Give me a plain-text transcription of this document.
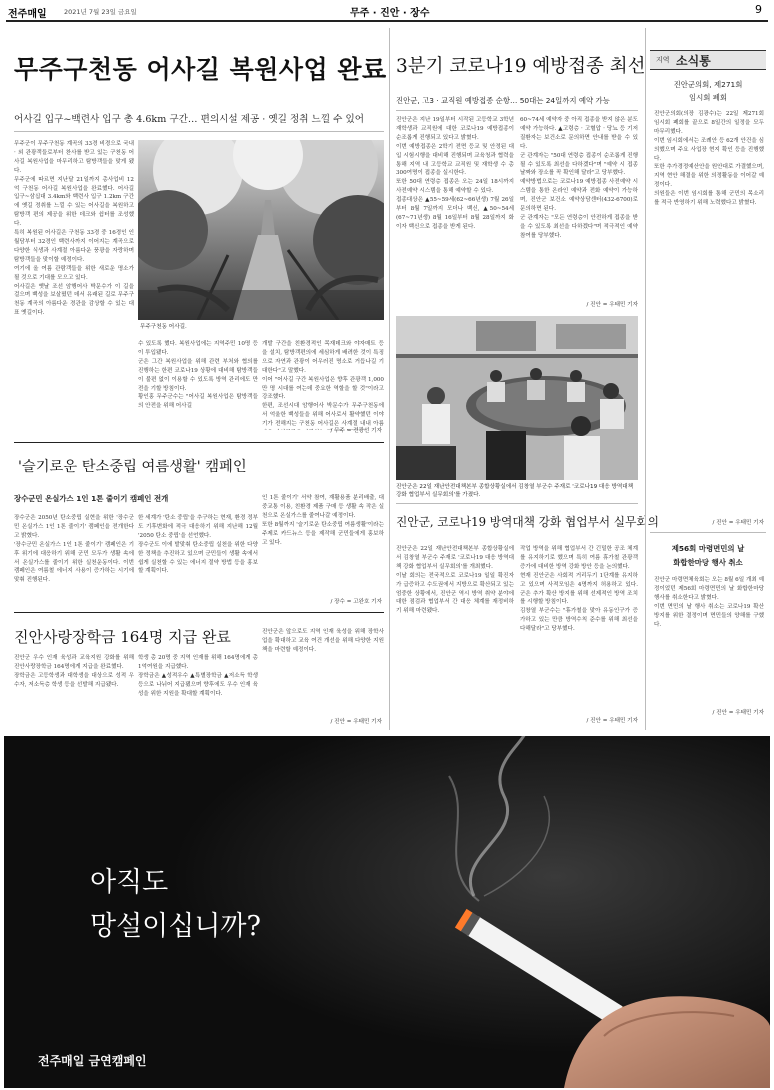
전주매일	2021년 7월 23일 금요일	무주 · 진안 · 장수	9
무주구천동 어사길 복원사업 완료
어사길 입구~백련사 입구 총 4.6km 구간… 편의시설 제공 · 옛길 정취 느낄 수 있어
무주군이 무주구천동 계곡의 33경 비경으로 국내 · 외 관광객들로부터 찬사를 받고 있는 구천동 어사길 복원사업을 마무리하고 탐방객들을 맞게 됐다.
무주군에 따르면 지난달 21일까지 총사업비 12억 구천동 어사길 복원사업을 완료했다. 어사길 입구~삼십대 3.4km와 백련사 입구 1.2km 구간에 옛길 정취를 느낄 수 있는 어사길을 복원하고 탐방객 편의 제공을 위한 데크와 쉼터를 조성했다.
특히 복원된 어사길은 구천동 33경 중 16경인 인월담부터 32경인 백련사까지 이어지는 계곡으로 다양한 식생과 사계절 아름다운 풍광을 자랑하며 탐방객들을 맞이할 예정이다.
여기에 올 여름 관람객들을 위한 새로운 명소가 될 것으로 기대를 모으고 있다.
어사길은 옛날 조선 암행어사 박문수가 이 길을 걸으며 백성을 보살폈던 데서 유래된 길로 무주구천동 계곡의 아름다운 경관을 감상할 수 있는 대표 옛길이다.
무주구천동 어사길.
수 있도록 했다. 복원사업에는 지역주민 10명 등이 투입됐다.
군은 그간 복원사업을 위해 관련 부처와 협의를 진행하는 한편 코로나19 상황에 대비해 탐방객들이 불편 없이 이용할 수 있도록 방역 관리에도 만전을 기할 방침이다.
황인홍 무주군수는 "어사길 복원사업은 탐방객들의 안전을 위해 어사길
개발 구간을 친환경적인 목재데크와 야자매트 등을 설치, 탐방객편의에 세심하게 배려한 것이 특징으로 자연과 관광이 어우러진 명소로 거듭나길 기대한다"고 말했다.
이어 "어사길 구간 복원사업은 향후 관광객 1,000만 명 시대를 여는데 중요한 역할을 할 것"이라고 강조했다.
한편, 조선시대 암행어사 박문수가 무주구천동에서 억울한 백성들을 위해 어사로서 활약했던 이야기가 전해지는 구천동 어사길은 사계절 내내 아름
/ 무주 = 전광선 기자
3분기 코로나19 예방접종 최선
진안군, 고3 · 교직원 예방접종 순항… 50대는 24일까지 예약 가능
진안군은 지난 19일부터 시작된 고등학교 3학년 재학생과 교직원에 대한 코로나19 예방접종이 순조롭게 진행되고 있다고 밝혔다.
이번 예방접종은 2학기 전면 등교 및 안정된 대입 시험시행을 대비해 진행되며 교육청과 협력을 통해 지역 내 고등학교 교직원 및 재학생 수 총 300여명이 접종을 실시한다.
또한 50대 연령층 접종은 오는 24일 18시까지 사전예약 시스템을 통해 예약할 수 있다.
접종대상은 ▲55~59세(62~66년생) 7월 26일부터 8월 7일까지 모더나 백신, ▲50~54세(67~71년생) 8월 16일부터 8월 28일까지 화이자 백신으로 접종을 받게 된다.
60~74세 예약자 중 아직 접종을 받지 않은 분도 예약 가능하다. ▲고령층 · 고혈압 · 당뇨 등 기저질환자는 보건소로 문의하면 안내를 받을 수 있다.
군 관계자는 "50대 연령층 접종이 순조롭게 진행될 수 있도록 최선을 다하겠다"며 "예약 시 접종 날짜와 장소를 꼭 확인해 달라"고 당부했다.
예약방법으로는 코로나19 예방접종 사전예약 시스템을 통한 온라인 예약과 전화 예약이 가능하며, 진안군 보건소 예약상담센터(432-6700)로 문의하면 된다.
군 관계자는 "모든 연령층이 안전하게 접종을 받을 수 있도록 최선을 다하겠다"며 적극적인 예약 참여를 당부했다.
/ 진안 = 우태민 기자
진안군은 22일 재난안전대책본부 종합상황실에서 김창열 부군수 주재로 '코로나19 대응 방역대책 강화 협업부서 실무회의'를 가졌다.
진안군, 코로나19 방역대책 강화 협업부서 실무회의
진안군은 22일 재난안전대책본부 종합상황실에서 김창열 부군수 주재로 '코로나19 대응 방역대책 강화 협업부서 실무회의'를 개최했다.
이날 회의는 전국적으로 코로나19 일일 확진자가 급증하고 수도권에서 지방으로 확산되고 있는 엄중한 상황에서, 진안군 역시 방역 취약 분야에 대한 점검과 협업부서 간 대응 체계를 재정비하기 위해 마련됐다.
작업 방역을 위해 협업부서 간 긴밀한 공조 체계를 유지하기로 했으며 특히 여름 휴가철 관광객 증가에 대비한 방역 강화 방안 등을 논의했다.
현재 진안군은 사회적 거리두기 1단계를 유지하고 있으며 사적모임은 4명까지 허용하고 있다. 군은 추가 확산 방지를 위해 선제적인 방역 조치를 시행할 방침이다.
김창열 부군수는 "휴가철을 맞아 유동인구가 증가하고 있는 만큼 방역수칙 준수를 위해 최선을 다해달라"고 당부했다.
/ 진안 = 우태민 기자
'슬기로운 탄소중립 여름생활' 캠페인
장수군민 온실가스 1인 1톤 줄이기 캠페인 전개
장수군은 2050년 탄소중립 실현을 위한 '장수군민 온실가스 1인 1톤 줄이기' 캠페인을 전개한다고 밝혔다.
'장수군민 온실가스 1인 1톤 줄이기' 캠페인은 기후 위기에 대응하기 위해 군민 모두가 생활 속에서 온실가스를 줄이기 위한 실천운동이다. 이번 캠페인은 여름철 에너지 사용이 증가하는 시기에 맞춰 진행된다.
한 세계가 '탄소 중립'을 추구하는 현재, 환경 정부도 기후변화에 적극 대응하기 위해 지난해 12월 '2050 탄소 중립'을 선언했다.
장수군도 이에 발맞춰 탄소중립 실천을 위한 다양한 정책을 추진하고 있으며 군민들이 생활 속에서 쉽게 실천할 수 있는 에너지 절약 방법 등을 홍보할 계획이다.
인 1톤 줄이기' 서약 참여, 재활용품 분리배출, 대중교통 이용, 친환경 제품 구매 등 생활 속 작은 실천으로 온실가스를 줄여나갈 예정이다.
또한 8월까지 '슬기로운 탄소중립 여름생활'이라는 주제로 카드뉴스 등을 제작해 군민들에게 홍보하고 있다.
/ 장수 = 고완호 기자
진안사랑장학금 164명 지급 완료
진안군 우수 인재 육성과 교육지원 강화를 위해 진안사랑장학금 164명에게 지급을 완료했다.
장학금은 고등학생과 대학생을 대상으로 성적 우수자, 저소득층 학생 등을 선발해 지급됐다.
학생 총 20명 중 지역 인재를 위해 164명에게 총 1억여원을 지급했다.
장학금은 ▲성적우수 ▲특별장학금 ▲저소득 학생 등으로 나뉘어 지급됐으며 향후에도 우수 인재 육성을 위한 지원을 확대할 계획이다.
진안군은 앞으로도 지역 인재 육성을 위해 장학사업을 확대하고 교육 여건 개선을 위해 다양한 지원책을 마련할 예정이다.
/ 진안 = 우태민 기자
지역 소식통
진안군의회, 제271회
임시회 폐회
진안군의회(의장 김광수)는 22일 제271회 임시회 폐회를 끝으로 8일간의 일정을 모두 마무리했다.
이번 임시회에서는 조례안 등 62개 안건을 심의했으며 주요 사업장 현지 확인 등을 진행했다.
또한 추가경정예산안을 원안대로 가결했으며, 지역 현안 해결을 위한 의정활동을 이어갈 예정이다.
의원들은 이번 임시회를 통해 군민의 목소리를 적극 반영하기 위해 노력했다고 밝혔다.
/ 진안 = 우태민 기자
제56회 마령면민의 날
화합한마당 행사 취소
진안군 마령면체육회는 오는 8월 6일 개최 예정이었던 제56회 마령면민의 날 화합한마당 행사를 취소한다고 밝혔다.
이번 면민의 날 행사 취소는 코로나19 확산 방지를 위한 결정이며 면민들의 양해를 구했다.
/ 진안 = 우태민 기자
아직도
망설이십니까?
전주매일 금연캠페인
